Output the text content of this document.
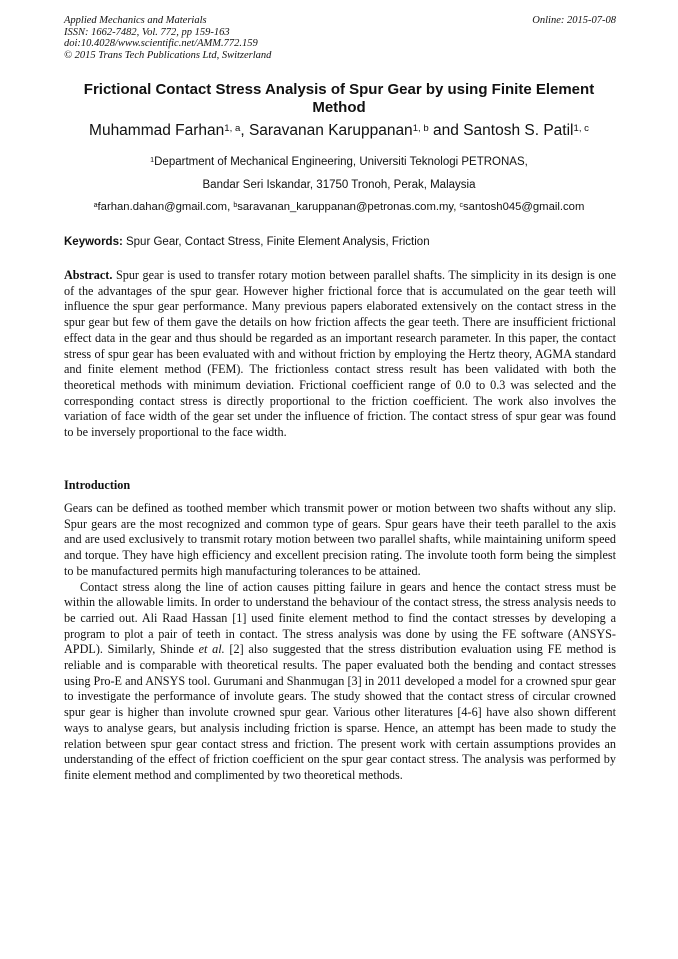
Applied Mechanics and Materials
ISSN: 1662-7482, Vol. 772, pp 159-163
doi:10.4028/www.scientific.net/AMM.772.159
© 2015 Trans Tech Publications Ltd, Switzerland
Online: 2015-07-08
Frictional Contact Stress Analysis of Spur Gear by using Finite Element Method
Muhammad Farhan$^{1, a}$, Saravanan Karuppanan$^{1, b}$ and Santosh S. Patil$^{1, c}$
$^1$Department of Mechanical Engineering, Universiti Teknologi PETRONAS,
Bandar Seri Iskandar, 31750 Tronoh, Perak, Malaysia
$^a$farhan.dahan@gmail.com, $^b$saravanan_karuppanan@petronas.com.my, $^c$santosh045@gmail.com
Keywords: Spur Gear, Contact Stress, Finite Element Analysis, Friction
Abstract. Spur gear is used to transfer rotary motion between parallel shafts. The simplicity in its design is one of the advantages of the spur gear. However higher frictional force that is accumulated on the gear teeth will influence the spur gear performance. Many previous papers elaborated extensively on the contact stress in the spur gear but few of them gave the details on how friction affects the gear teeth. There are insufficient frictional effect data in the gear and thus should be regarded as an important research parameter. In this paper, the contact stress of spur gear has been evaluated with and without friction by employing the Hertz theory, AGMA standard and finite element method (FEM). The frictionless contact stress result has been validated with both the theoretical methods with minimum deviation. Frictional coefficient range of 0.0 to 0.3 was selected and the corresponding contact stress is directly proportional to the friction coefficient. The work also involves the variation of face width of the gear set under the influence of friction. The contact stress of spur gear was found to be inversely proportional to the face width.
Introduction

Gears can be defined as toothed member which transmit power or motion between two shafts without any slip. Spur gears are the most recognized and common type of gears. Spur gears have their teeth parallel to the axis and are used exclusively to transmit rotary motion between two parallel shafts, while maintaining uniform speed and torque. They have high efficiency and excellent precision rating. The involute tooth form being the simplest to be manufactured permits high manufacturing tolerances to be attained.

Contact stress along the line of action causes pitting failure in gears and hence the contact stress must be within the allowable limits. In order to understand the behaviour of the contact stress, the stress analysis needs to be carried out. Ali Raad Hassan [1] used finite element method to find the contact stresses by developing a program to plot a pair of teeth in contact. The stress analysis was done by using the FE software (ANSYS-APDL). Similarly, Shinde et al. [2] also suggested that the stress distribution evaluation using FE method is reliable and is comparable with theoretical results. The paper evaluated both the bending and contact stresses using Pro-E and ANSYS tool. Gurumani and Shanmugan [3] in 2011 developed a model for a crowned spur gear to investigate the performance of involute gears. The study showed that the contact stress of circular crowned spur gear is higher than involute crowned spur gear. Various other literatures [4-6] have also shown different ways to analyse gears, but analysis including friction is sparse. Hence, an attempt has been made to study the relation between spur gear contact stress and friction. The present work with certain assumptions provides an understanding of the effect of friction coefficient on the spur gear contact stress. The analysis was performed by finite element method and complimented by two theoretical methods.
